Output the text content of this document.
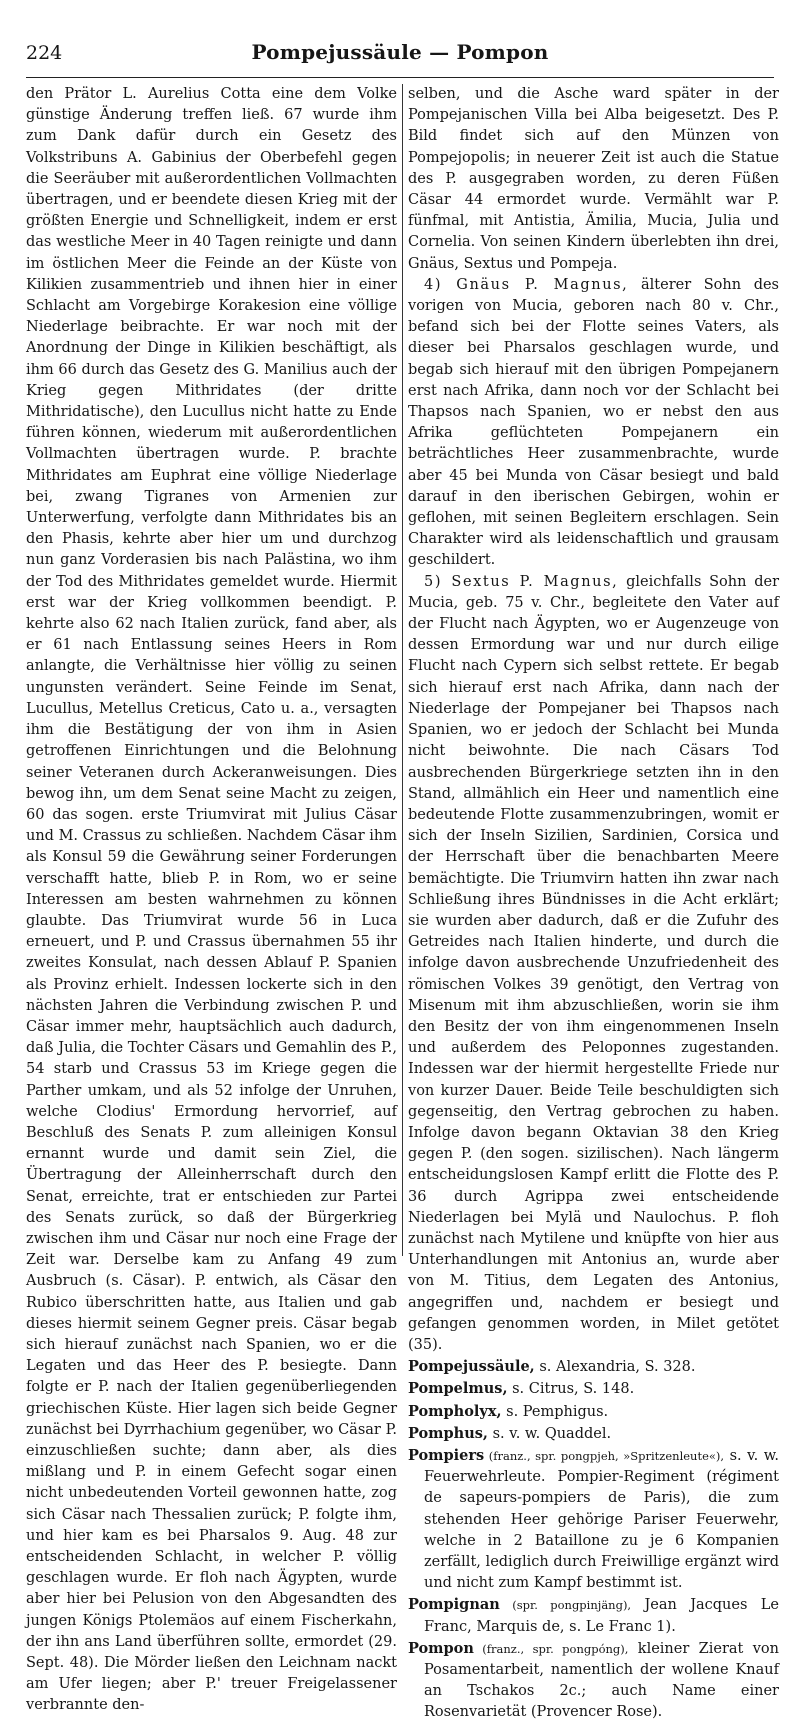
224	Pompejussäule — Pompon

den Prätor L. Aurelius Cotta eine dem Volke günstige Änderung treffen ließ. 67 wurde ihm zum Dank dafür durch ein Gesetz des Volkstribuns A. Gabinius der Oberbefehl gegen die Seeräuber mit außerordentlichen Vollmachten übertragen, und er beendete diesen Krieg mit der größten Energie und Schnelligkeit, indem er erst das westliche Meer in 40 Tagen reinigte und dann im östlichen Meer die Feinde an der Küste von Kilikien zusammentrieb und ihnen hier in einer Schlacht am Vorgebirge Korakesion eine völlige Niederlage beibrachte. Er war noch mit der Anordnung der Dinge in Kilikien beschäftigt, als ihm 66 durch das Gesetz des G. Manilius auch der Krieg gegen Mithridates (der dritte Mithridatische), den Lucullus nicht hatte zu Ende führen können, wiederum mit außerordentlichen Vollmachten übertragen wurde. P. brachte Mithridates am Euphrat eine völlige Niederlage bei, zwang Tigranes von Armenien zur Unterwerfung, verfolgte dann Mithridates bis an den Phasis, kehrte aber hier um und durchzog nun ganz Vorderasien bis nach Palästina, wo ihm der Tod des Mithridates gemeldet wurde. Hiermit erst war der Krieg vollkommen beendigt. P. kehrte also 62 nach Italien zurück, fand aber, als er 61 nach Entlassung seines Heers in Rom anlangte, die Verhältnisse hier völlig zu seinen ungunsten verändert. Seine Feinde im Senat, Lucullus, Metellus Creticus, Cato u. a., versagten ihm die Bestätigung der von ihm in Asien getroffenen Einrichtungen und die Belohnung seiner Veteranen durch Ackeranweisungen. Dies bewog ihn, um dem Senat seine Macht zu zeigen, 60 das sogen. erste Triumvirat mit Julius Cäsar und M. Crassus zu schließen. Nachdem Cäsar ihm als Konsul 59 die Gewährung seiner Forderungen verschafft hatte, blieb P. in Rom, wo er seine Interessen am besten wahrnehmen zu können glaubte. Das Triumvirat wurde 56 in Luca erneuert, und P. und Crassus übernahmen 55 ihr zweites Konsulat, nach dessen Ablauf P. Spanien als Provinz erhielt. Indessen lockerte sich in den nächsten Jahren die Verbindung zwischen P. und Cäsar immer mehr, hauptsächlich auch dadurch, daß Julia, die Tochter Cäsars und Gemahlin des P., 54 starb und Crassus 53 im Kriege gegen die Parther umkam, und als 52 infolge der Unruhen, welche Clodius' Ermordung hervorrief, auf Beschluß des Senats P. zum alleinigen Konsul ernannt wurde und damit sein Ziel, die Übertragung der Alleinherrschaft durch den Senat, erreichte, trat er entschieden zur Partei des Senats zurück, so daß der Bürgerkrieg zwischen ihm und Cäsar nur noch eine Frage der Zeit war. Derselbe kam zu Anfang 49 zum Ausbruch (s. Cäsar). P. entwich, als Cäsar den Rubico überschritten hatte, aus Italien und gab dieses hiermit seinem Gegner preis. Cäsar begab sich hierauf zunächst nach Spanien, wo er die Legaten und das Heer des P. besiegte. Dann folgte er P. nach der Italien gegenüberliegenden griechischen Küste. Hier lagen sich beide Gegner zunächst bei Dyrrhachium gegenüber, wo Cäsar P. einzuschließen suchte; dann aber, als dies mißlang und P. in einem Gefecht sogar einen nicht unbedeutenden Vorteil gewonnen hatte, zog sich Cäsar nach Thessalien zurück; P. folgte ihm, und hier kam es bei Pharsalos 9. Aug. 48 zur entscheidenden Schlacht, in welcher P. völlig geschlagen wurde. Er floh nach Ägypten, wurde aber hier bei Pelusion von den Abgesandten des jungen Königs Ptolemäos auf einem Fischerkahn, der ihn ans Land überführen sollte, ermordet (29. Sept. 48). Die Mörder ließen den Leichnam nackt am Ufer liegen; aber P.' treuer Freigelassener verbrannte den-

selben, und die Asche ward später in der Pompejanischen Villa bei Alba beigesetzt. Des P. Bild findet sich auf den Münzen von Pompejopolis; in neuerer Zeit ist auch die Statue des P. ausgegraben worden, zu deren Füßen Cäsar 44 ermordet wurde. Vermählt war P. fünfmal, mit Antistia, Ämilia, Mucia, Julia und Cornelia. Von seinen Kindern überlebten ihn drei, Gnäus, Sextus und Pompeja.

4) Gnäus P. Magnus, älterer Sohn des vorigen von Mucia, geboren nach 80 v. Chr., befand sich bei der Flotte seines Vaters, als dieser bei Pharsalos geschlagen wurde, und begab sich hierauf mit den übrigen Pompejanern erst nach Afrika, dann noch vor der Schlacht bei Thapsos nach Spanien, wo er nebst den aus Afrika geflüchteten Pompejanern ein beträchtliches Heer zusammenbrachte, wurde aber 45 bei Munda von Cäsar besiegt und bald darauf in den iberischen Gebirgen, wohin er geflohen, mit seinen Begleitern erschlagen. Sein Charakter wird als leidenschaftlich und grausam geschildert.

5) Sextus P. Magnus, gleichfalls Sohn der Mucia, geb. 75 v. Chr., begleitete den Vater auf der Flucht nach Ägypten, wo er Augenzeuge von dessen Ermordung war und nur durch eilige Flucht nach Cypern sich selbst rettete. Er begab sich hierauf erst nach Afrika, dann nach der Niederlage der Pompejaner bei Thapsos nach Spanien, wo er jedoch der Schlacht bei Munda nicht beiwohnte. Die nach Cäsars Tod ausbrechenden Bürgerkriege setzten ihn in den Stand, allmählich ein Heer und namentlich eine bedeutende Flotte zusammenzubringen, womit er sich der Inseln Sizilien, Sardinien, Corsica und der Herrschaft über die benachbarten Meere bemächtigte. Die Triumvirn hatten ihn zwar nach Schließung ihres Bündnisses in die Acht erklärt; sie wurden aber dadurch, daß er die Zufuhr des Getreides nach Italien hinderte, und durch die infolge davon ausbrechende Unzufriedenheit des römischen Volkes 39 genötigt, den Vertrag von Misenum mit ihm abzuschließen, worin sie ihm den Besitz der von ihm eingenommenen Inseln und außerdem des Peloponnes zugestanden. Indessen war der hiermit hergestellte Friede nur von kurzer Dauer. Beide Teile beschuldigten sich gegenseitig, den Vertrag gebrochen zu haben. Infolge davon begann Oktavian 38 den Krieg gegen P. (den sogen. sizilischen). Nach längerm entscheidungslosen Kampf erlitt die Flotte des P. 36 durch Agrippa zwei entscheidende Niederlagen bei Mylä und Naulochus. P. floh zunächst nach Mytilene und knüpfte von hier aus Unterhandlungen mit Antonius an, wurde aber von M. Titius, dem Legaten des Antonius, angegriffen und, nachdem er besiegt und gefangen genommen worden, in Milet getötet (35).

Pompejussäule, s. Alexandria, S. 328.

Pompelmus, s. Citrus, S. 148.

Pompholyx, s. Pemphigus.

Pomphus, s. v. w. Quaddel.

Pompiers (franz., spr. pongpjeh, »Spritzenleute«), s. v. w. Feuerwehrleute. Pompier-Regiment (régiment de sapeurs-pompiers de Paris), die zum stehenden Heer gehörige Pariser Feuerwehr, welche in 2 Bataillone zu je 6 Kompanien zerfällt, lediglich durch Freiwillige ergänzt wird und nicht zum Kampf bestimmt ist.

Pompignan (spr. pongpinjäng), Jean Jacques Le Franc, Marquis de, s. Le Franc 1).

Pompon (franz., spr. pongpóng), kleiner Zierat von Posamentarbeit, namentlich der wollene Knauf an Tschakos 2c.; auch Name einer Rosenvarietät (Provencer Rose).
